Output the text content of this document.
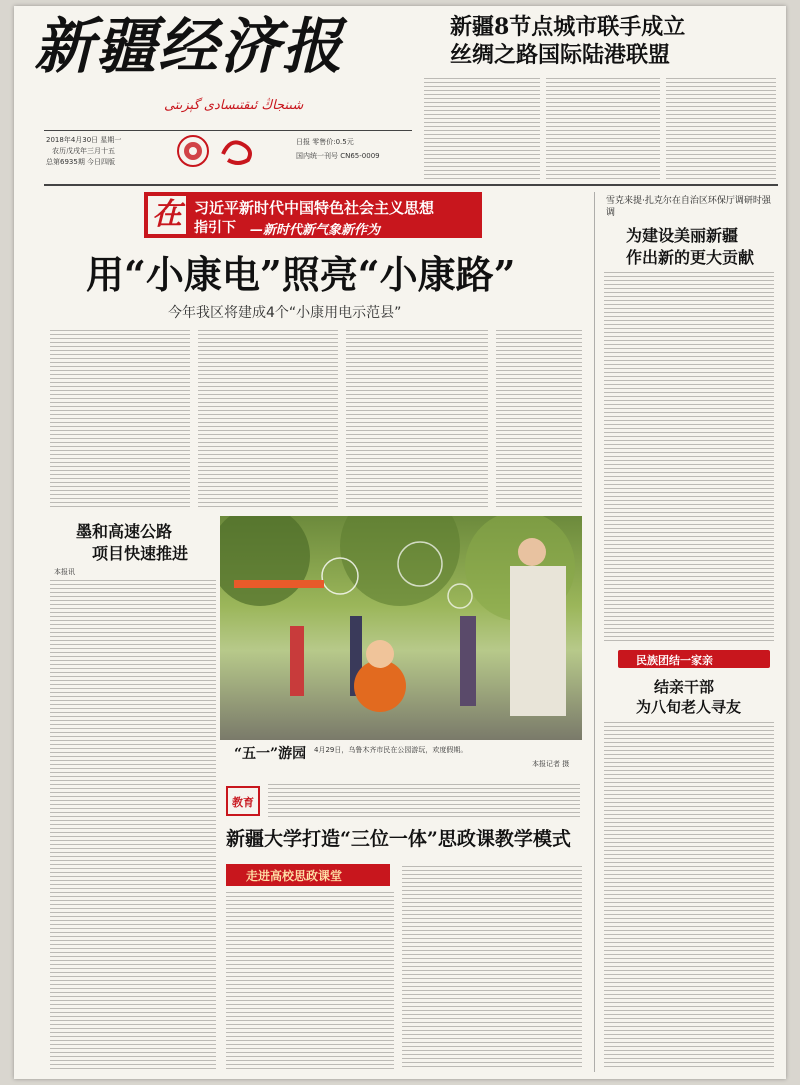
新疆经济报
شىنجاڭ ئىقتىسادى گېزىتى
2018年4月30日 星期一
农历戊戌年三月十五
总第6935期 今日四版
日报 零售价:0.5元
国内统一刊号 CN65-0009
新疆8节点城市联手成立
丝绸之路国际陆港联盟
在 习近平新时代中国特色社会主义思想
指引下 —新时代新气象新作为
用“小康电”照亮“小康路”
今年我区将建成4个“小康用电示范县”
雪克来提·扎克尔在自治区环保厅调研时强调
为建设美丽新疆
作出新的更大贡献
民族团结一家亲
结亲干部
为八旬老人寻友
墨和高速公路
项目快速推进
本报讯
“五一”游园 4月29日，乌鲁木齐市民在公园游玩，欢度假期。
本报记者 摄
教育
新疆大学打造“三位一体”思政课教学模式
走进高校思政课堂
